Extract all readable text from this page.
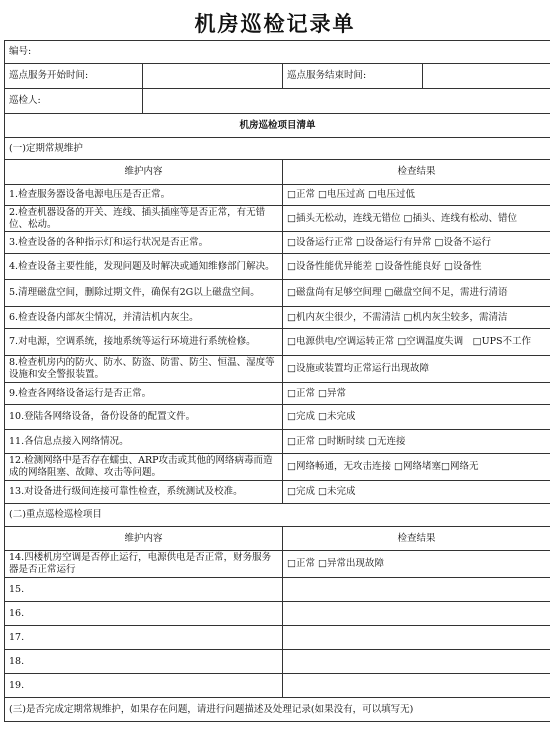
机房巡检记录单
编号:			
巡点服务开始时间:		巡点服务结束时间:	
巡检人:			
机房巡检项目清单			
(一)定期常规维护			
维护内容		检查结果	
1.检查服务器设备电源电压是否正常。		□正常 □电压过高 □电压过低	
2.检查机器设备的开关、连线、插头插座等是否正常，有无错位、松动。		□插头无松动，连线无错位 □插头、连线有松动、错位	
3.检查设备的各种指示灯和运行状况是否正常。		□设备运行正常 □设备运行有异常 □设备不运行	
4.检查设备主要性能，发现问题及时解决或通知维修部门解决。		□设备性能优异能差 □设备性能良好 □设备性	
5.清理磁盘空间，删除过期文件，确保有2G以上磁盘空间。		□磁盘尚有足够空间理 □磁盘空间不足，需进行清语	
6.检查设备内部灰尘情况，并清洁机内灰尘。		□机内灰尘很少，不需清洁 □机内灰尘较多，需清洁	
7.对电源，空调系统，接地系统等运行环境进行系统检修。		□电源供电/空调运转正常 □空调温度失调　□UPS不工作	
8.检查机房内的防火、防水、防盗、防雷、防尘、恒温、湿度等设施和安全警报装置。		□设施或装置均正常运行出现故障	
9.检查各网络设备运行是否正常。		□正常 □异常	
10.登陆各网络设备，备份设备的配置文件。		□完成 □未完成	
11.各信息点接入网络情况。		□正常 □时断时续 □无连接	
12.检测网络中是否存在蠕虫、ARP攻击或其他的网络病毒而造成的网络阻塞、故障、攻击等问题。		□网络畅通，无攻击连接 □网络堵塞□网络无	
13.对设备进行级间连接可靠性检查，系统测试及校准。		□完成 □未完成	
(二)重点巡检巡检项目			
维护内容		检查结果	
14.四楼机房空调是否停止运行，电源供电是否正常，财务服务器是否正常运行		□正常 □异常出现故障	
15.			
16.			
17.			
18.			
19.			
(三)是否完成定期常规维护，如果存在问题，请进行问题描述及处理记录(如果没有，可以填写无)			
